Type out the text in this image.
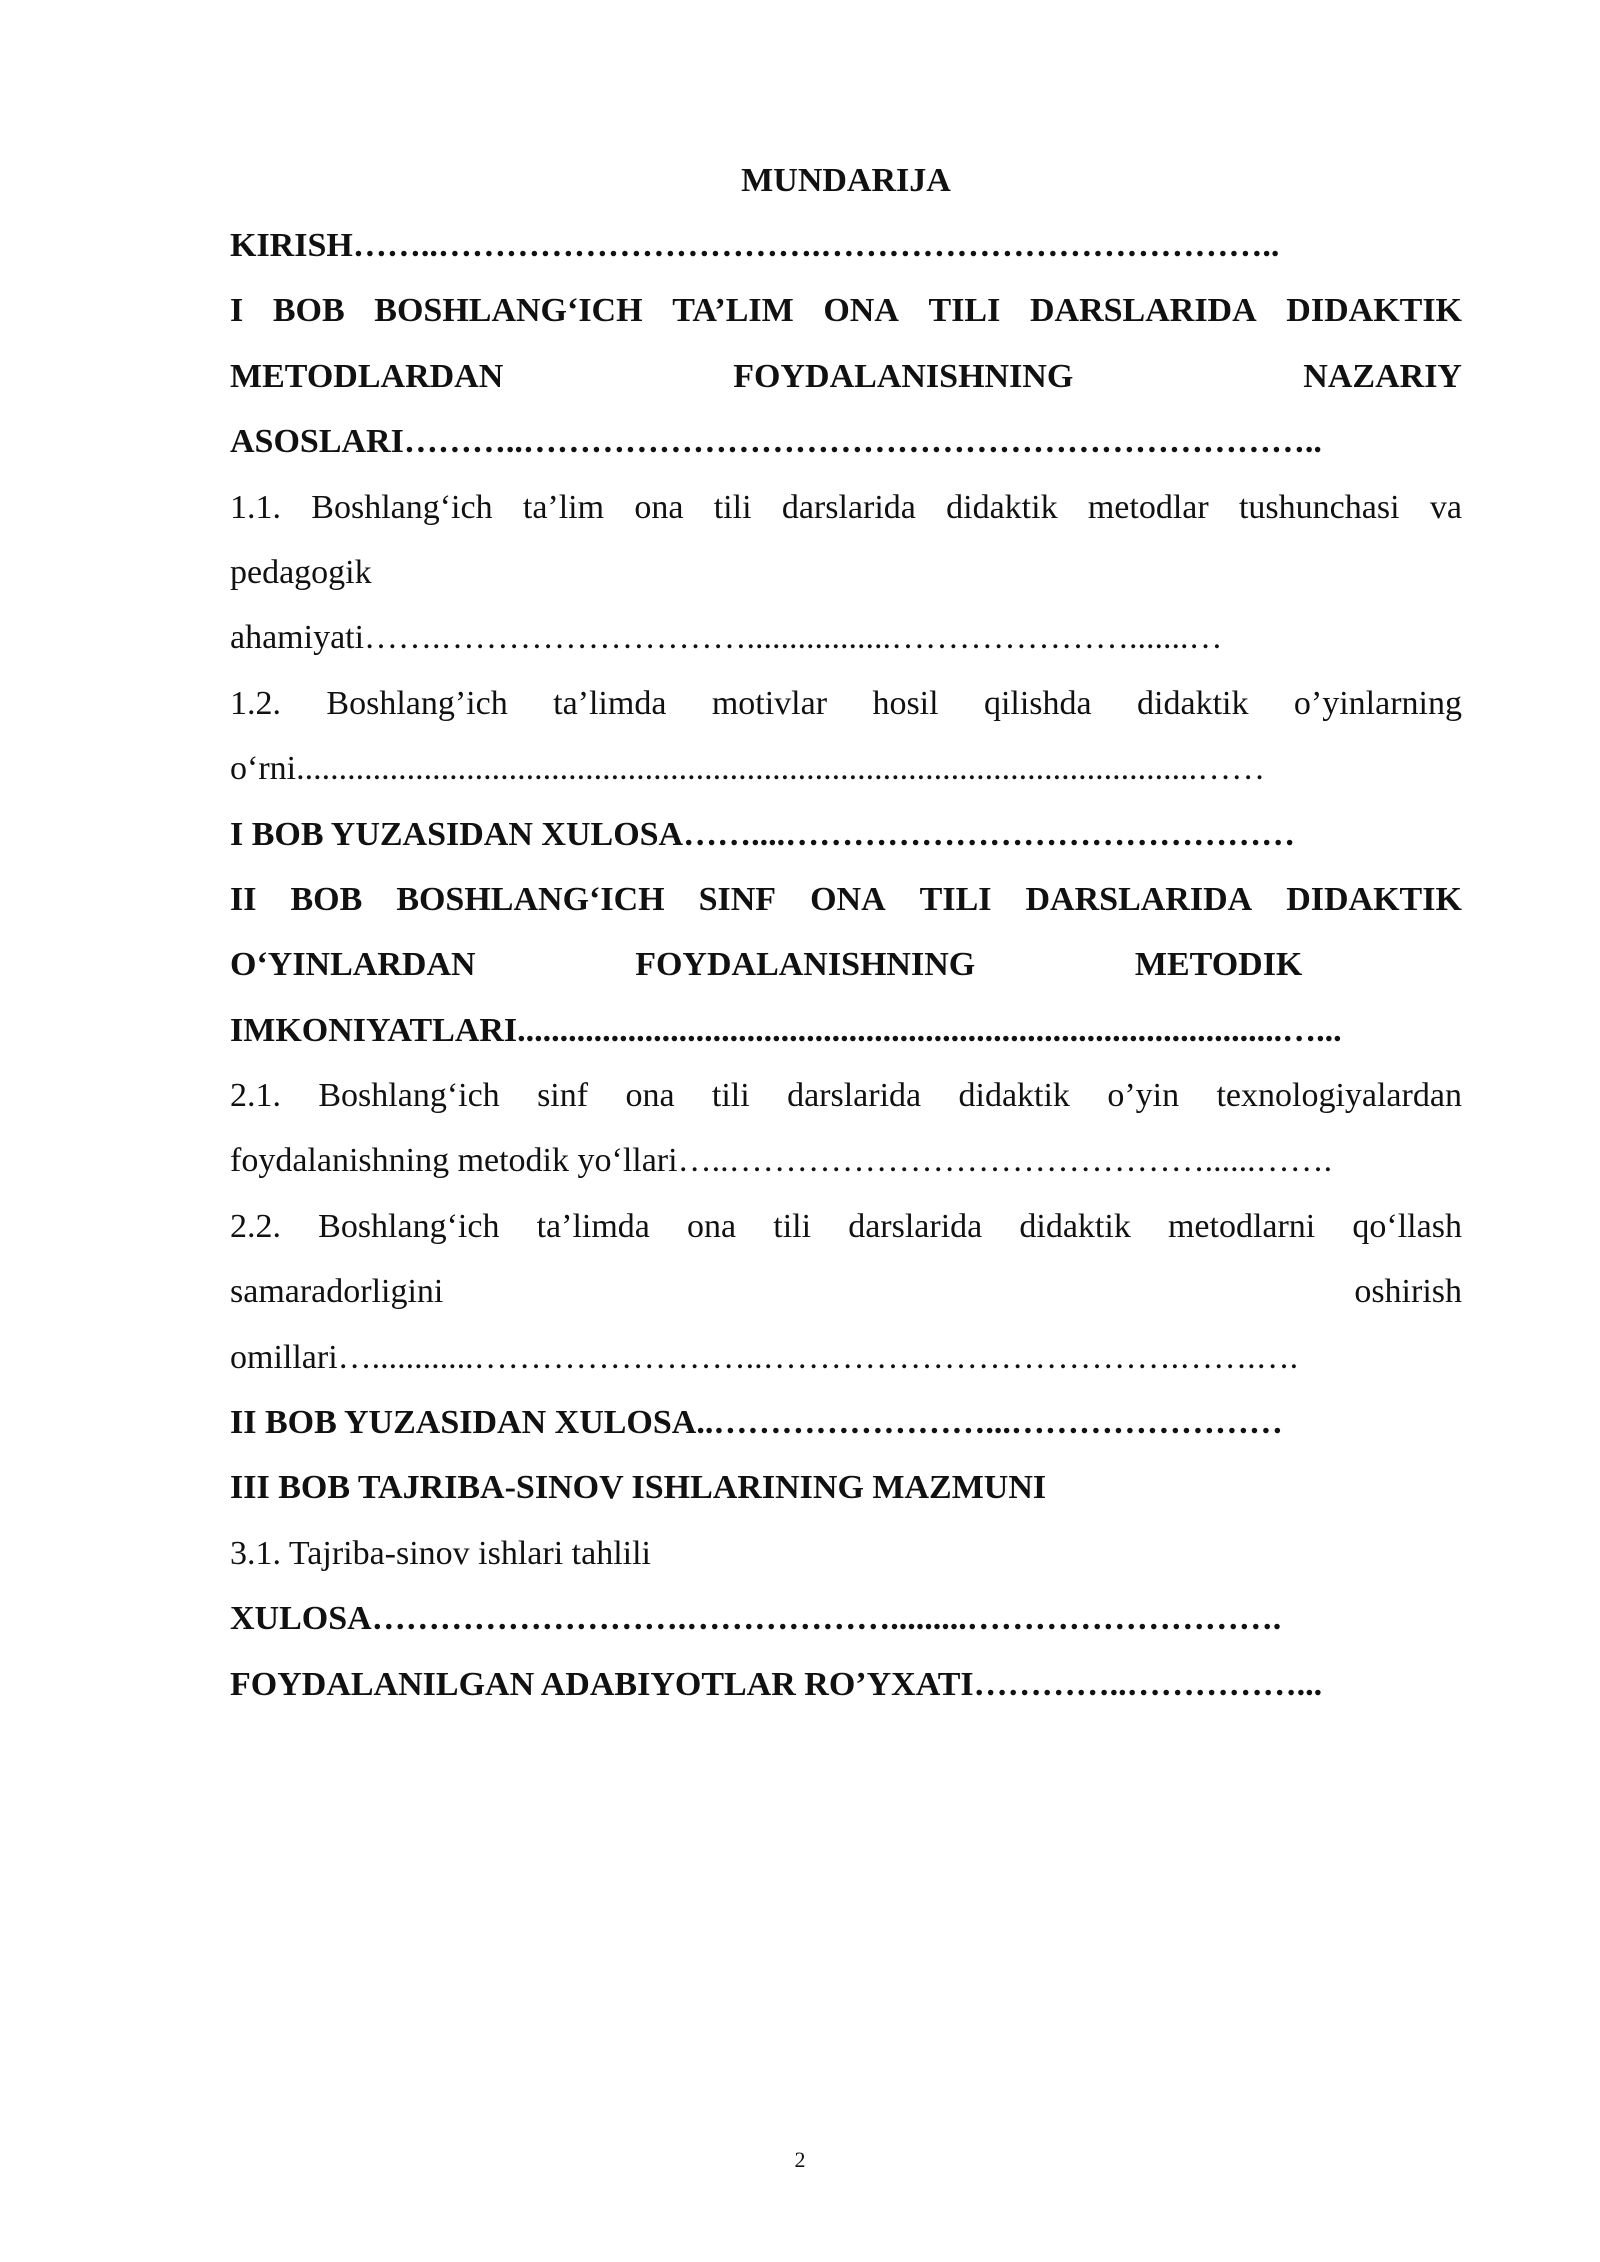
MUNDARIJA
KIRISH……..…………………………….…………………………………..
I BOB BOSHLANG‘ICH TA’LIM ONA TILI DARSLARIDA DIDAKTIK
METODLARDAN	FOYDALANISHNING	NAZARIY
ASOSLARI………..……………………………………………………………..
1.1. Boshlang‘ich ta’lim ona tili darslarida didaktik metodlar tushunchasi va
pedagogik
ahamiyati…….……………………….................………………….......…
1.2. Boshlang’ich ta’limda motivlar hosil qilishda didaktik o’yinlarning
o‘rni..........................................................................................................……
I BOB YUZASIDAN XULOSA……....………………………………………
II BOB BOSHLANG‘ICH SINF ONA TILI DARSLARIDA DIDAKTIK
O‘YINLARDAN	FOYDALANISHNING	METODIK
IMKONIYATLARI..........................................................................................…...
2.1. Boshlang‘ich sinf ona tili darslarida didaktik o’yin texnologiyalardan
foydalanishning metodik yo‘llari…..……………………………………......…….
2.2. Boshlang‘ich ta’limda ona tili darslarida didaktik metodlarni qo‘llash
samaradorligini	oshirish
omillari…............……………………..……………………………….…….….
II BOB YUZASIDAN XULOSA..……………………...……………………
III BOB TAJRIBA-SINOV ISHLARINING MAZMUNI
3.1. Tajriba-sinov ishlari tahlili
XULOSA……………………….……………….........……………………….
FOYDALANILGAN ADABIYOTLAR RO’YXATI…………..……………...
2
